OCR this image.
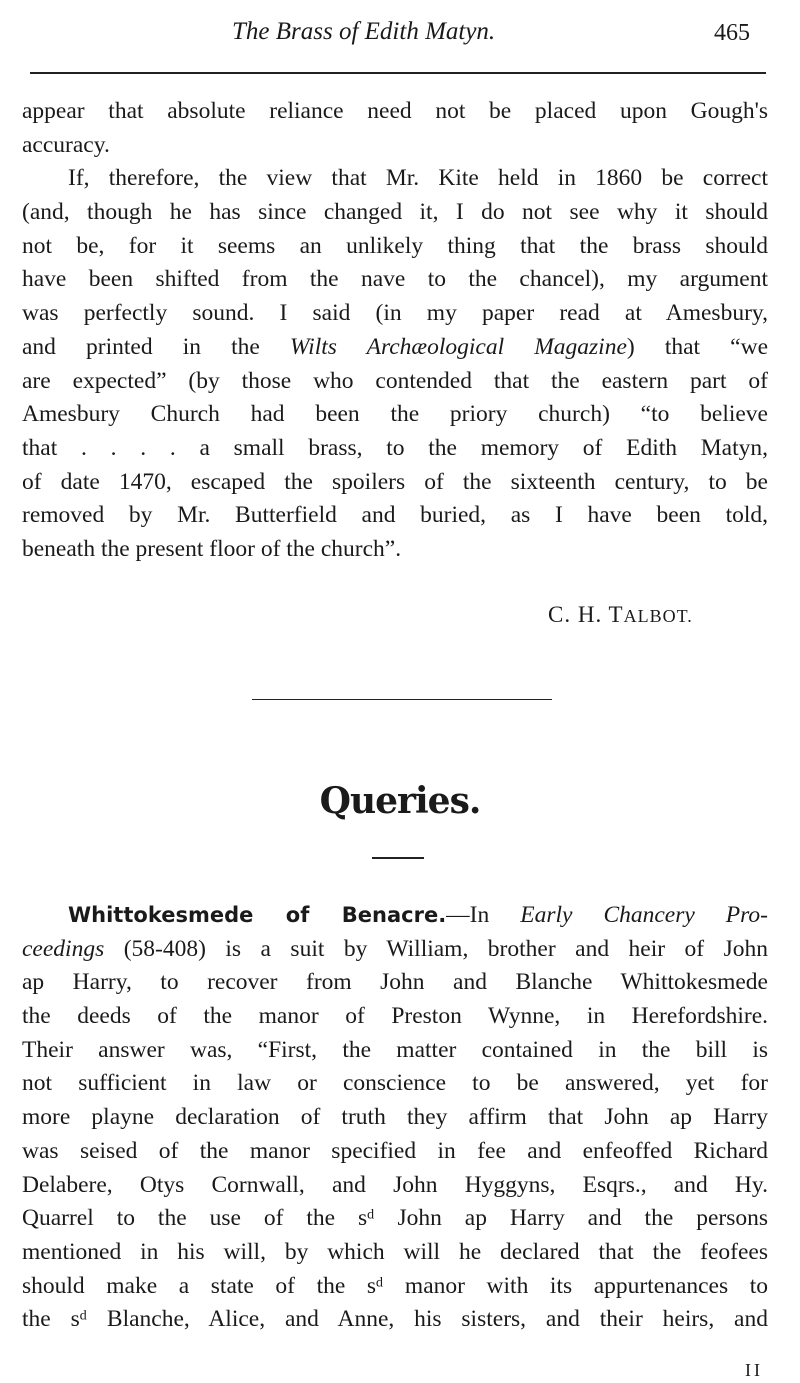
The Brass of Edith Matyn.	465
appear that absolute reliance need not be placed upon Gough's
accuracy.
If, therefore, the view that Mr. Kite held in 1860 be correct
(and, though he has since changed it, I do not see why it should
not be, for it seems an unlikely thing that the brass should
have been shifted from the nave to the chancel), my argument
was perfectly sound. I said (in my paper read at Amesbury,
and printed in the Wilts Archæological Magazine) that “we
are expected” (by those who contended that the eastern part of
Amesbury Church had been the priory church) “to believe
that . . . . a small brass, to the memory of Edith Matyn,
of date 1470, escaped the spoilers of the sixteenth century, to be
removed by Mr. Butterfield and buried, as I have been told,
beneath the present floor of the church”.
C. H. TALBOT.
Queries.
Whittokesmede of Benacre.—In Early Chancery Pro-
ceedings (58-408) is a suit by William, brother and heir of John
ap Harry, to recover from John and Blanche Whittokesmede
the deeds of the manor of Preston Wynne, in Herefordshire.
Their answer was, “First, the matter contained in the bill is
not sufficient in law or conscience to be answered, yet for
more playne declaration of truth they affirm that John ap Harry
was seised of the manor specified in fee and enfeoffed Richard
Delabere, Otys Cornwall, and John Hyggyns, Esqrs., and Hy.
Quarrel to the use of the sᵈ John ap Harry and the persons
mentioned in his will, by which will he declared that the feofees
should make a state of the sᵈ manor with its appurtenances to
the sᵈ Blanche, Alice, and Anne, his sisters, and their heirs, and
II
